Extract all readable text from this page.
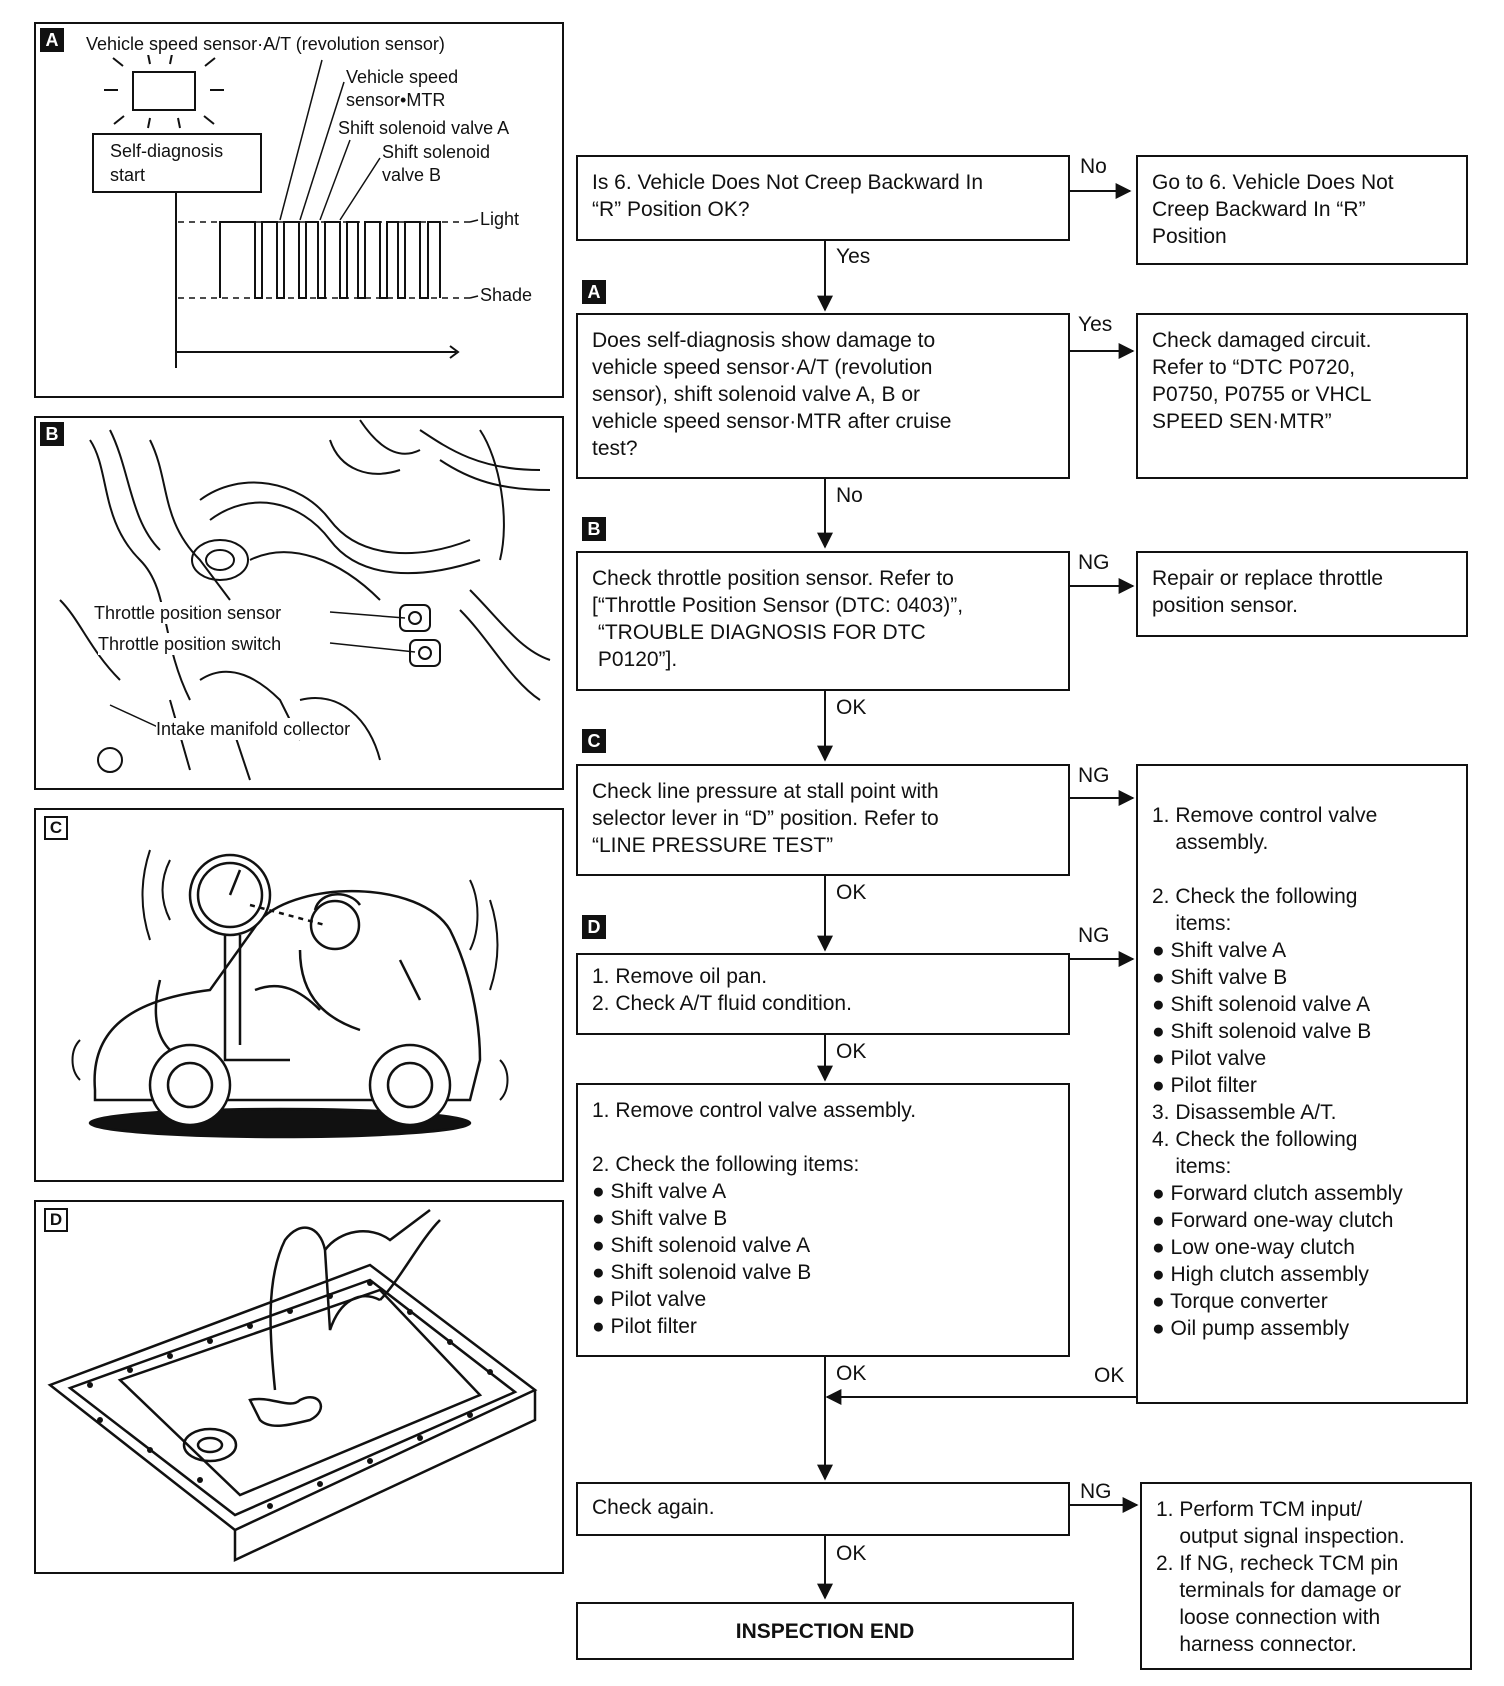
A	Vehicle speed sensor·A/T (revolution sensor)
Vehicle speed
sensor•MTR
Shift solenoid valve A
Shift solenoid
valve B
Self-diagnosis
start
Light
Shade
B
Throttle position sensor
Throttle position switch
Intake manifold collector
C
D
A
B
C
D
Is 6. Vehicle Does Not Creep Backward In
“R” Position OK?
Go to 6. Vehicle Does Not
Creep Backward In “R”
Position
Does self-diagnosis show damage to
vehicle speed sensor·A/T (revolution
sensor), shift solenoid valve A, B or
vehicle speed sensor·MTR after cruise
test?
Check damaged circuit.
Refer to “DTC P0720,
P0750, P0755 or VHCL
SPEED SEN·MTR”
Check throttle position sensor. Refer to
[“Throttle Position Sensor (DTC: 0403)”,
“TROUBLE DIAGNOSIS FOR DTC
P0120”].
Repair or replace throttle
position sensor.
Check line pressure at stall point with
selector lever in “D” position. Refer to
“LINE PRESSURE TEST”
1. Remove control valve
assembly.

2. Check the following
items:
● Shift valve A
● Shift valve B
● Shift solenoid valve A
● Shift solenoid valve B
● Pilot valve
● Pilot filter
3. Disassemble A/T.
4. Check the following
items:
● Forward clutch assembly
● Forward one-way clutch
● Low one-way clutch
● High clutch assembly
● Torque converter
● Oil pump assembly
1. Remove oil pan.
2. Check A/T fluid condition.
1. Remove control valve assembly.

2. Check the following items:
● Shift valve A
● Shift valve B
● Shift solenoid valve A
● Shift solenoid valve B
● Pilot valve
● Pilot filter
Check again.	1. Perform TCM input/
output signal inspection.
2. If NG, recheck TCM pin
terminals for damage or
loose connection with
harness connector.
INSPECTION END
No
Yes
Yes
No
NG
OK
NG
OK
NG
OK
OK	OK
NG
OK
